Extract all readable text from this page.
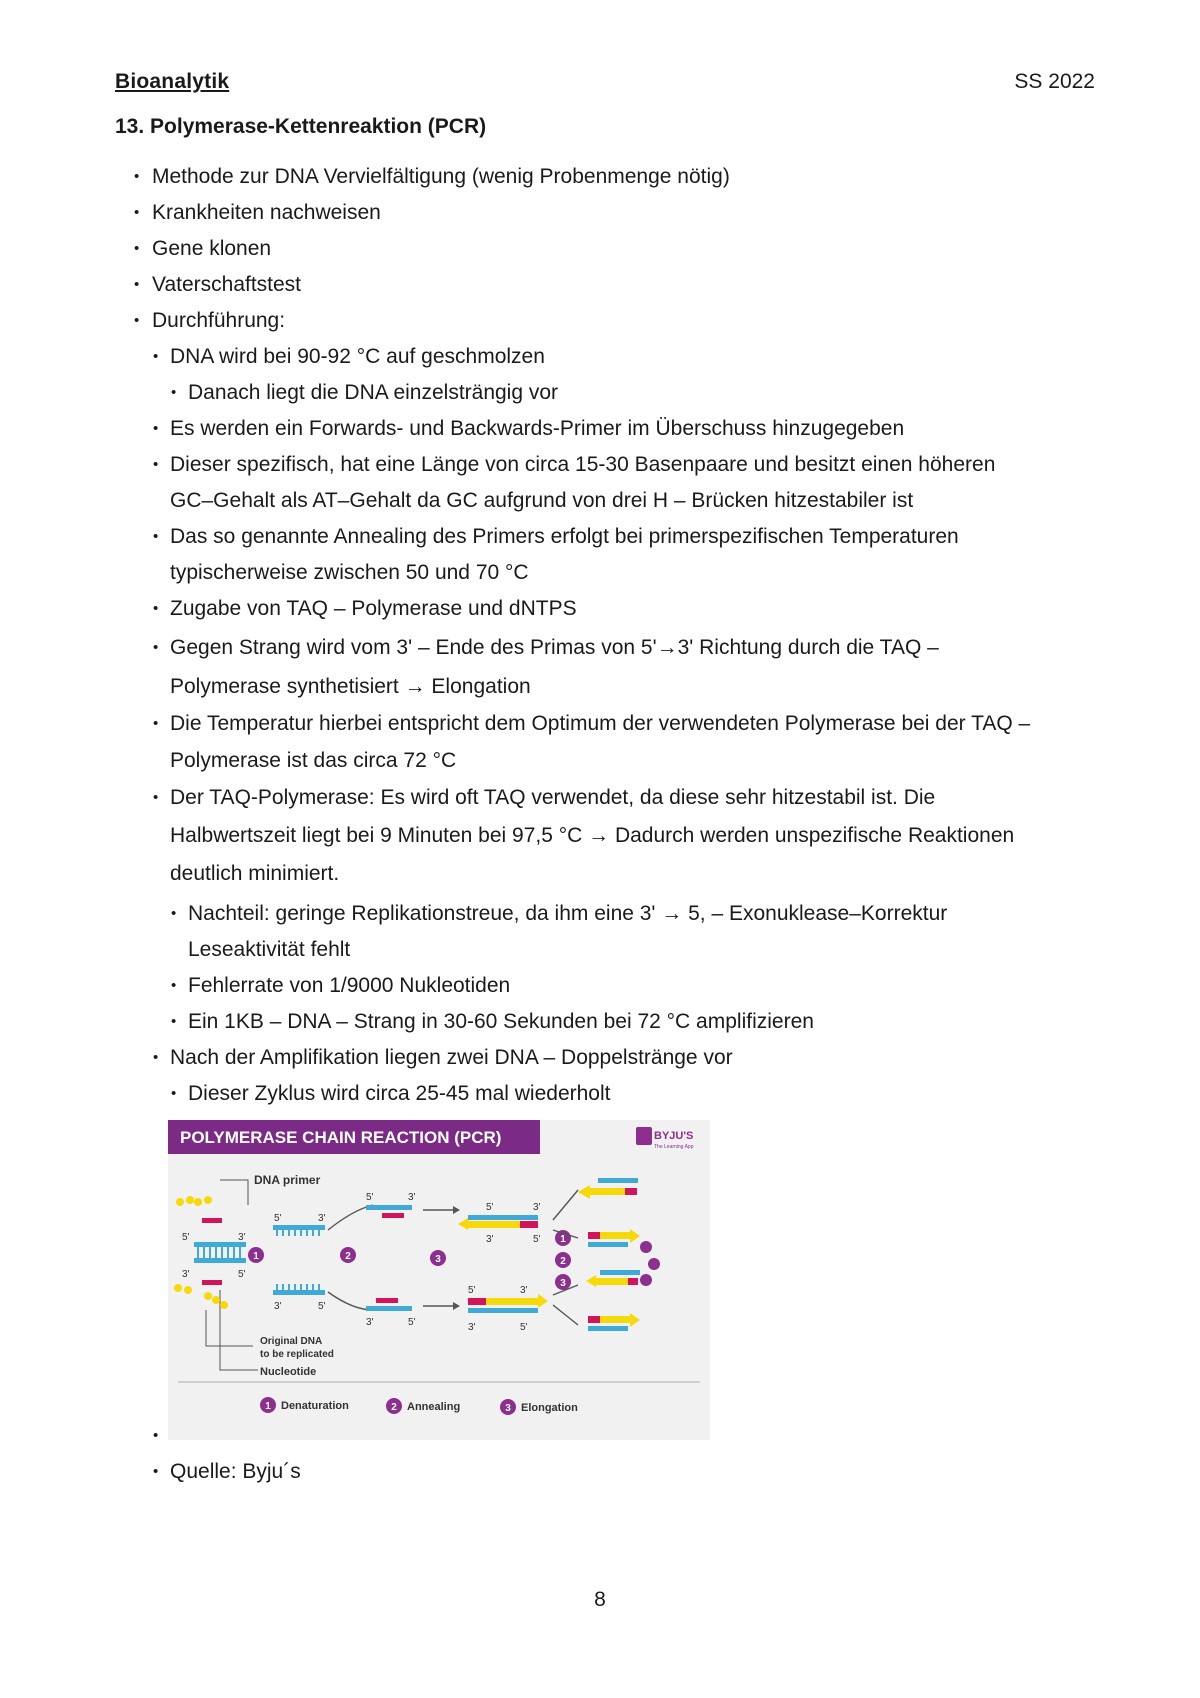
Bioanalytik	SS 2022
13. Polymerase-Kettenreaktion (PCR)
• Methode zur DNA Vervielfältigung (wenig Probenmenge nötig)
• Krankheiten nachweisen
• Gene klonen
• Vaterschaftstest
• Durchführung:
• DNA wird bei 90-92 °C auf geschmolzen
• Danach liegt die DNA einzelsträngig vor
• Es werden ein Forwards- und Backwards-Primer im Überschuss hinzugegeben
• Dieser spezifisch, hat eine Länge von circa 15-30 Basenpaare und besitzt einen höheren
GC–Gehalt als AT–Gehalt da GC aufgrund von drei H – Brücken hitzestabiler ist
• Das so genannte Annealing des Primers erfolgt bei primerspezifischen Temperaturen
typischerweise zwischen 50 und 70 °C
• Zugabe von TAQ – Polymerase und dNTPS
• Gegen Strang wird vom 3' – Ende des Primas von 5'→3' Richtung durch die TAQ –
Polymerase synthetisiert → Elongation
• Die Temperatur hierbei entspricht dem Optimum der verwendeten Polymerase bei der TAQ –
Polymerase ist das circa 72 °C
• Der TAQ-Polymerase: Es wird oft TAQ verwendet, da diese sehr hitzestabil ist. Die
Halbwertszeit liegt bei 9 Minuten bei 97,5 °C → Dadurch werden unspezifische Reaktionen
deutlich minimiert.
• Nachteil: geringe Replikationstreue, da ihm eine 3' → 5, – Exonuklease–Korrektur
Leseaktivität fehlt
• Fehlerrate von 1/9000 Nukleotiden
• Ein 1KB – DNA – Strang in 30-60 Sekunden bei 72 °C amplifizieren
• Nach der Amplifikation liegen zwei DNA – Doppelstränge vor
• Dieser Zyklus wird circa 25-45 mal wiederholt
•
• Quelle: Byju´s
POLYMERASE CHAIN REACTION (PCR)	BYJU'S
The Learning App
DNA primer
Original DNA
to be replicated
Nucleotide
5'	3'
3'	5'
1
5'	3'
3'	5'
2
5'	3'
3'	5'
3
5'	3'
3'	5'
5'	3'
3'	5'
1
2
3
1 Denaturation	2 Annealing	3 Elongation
8
